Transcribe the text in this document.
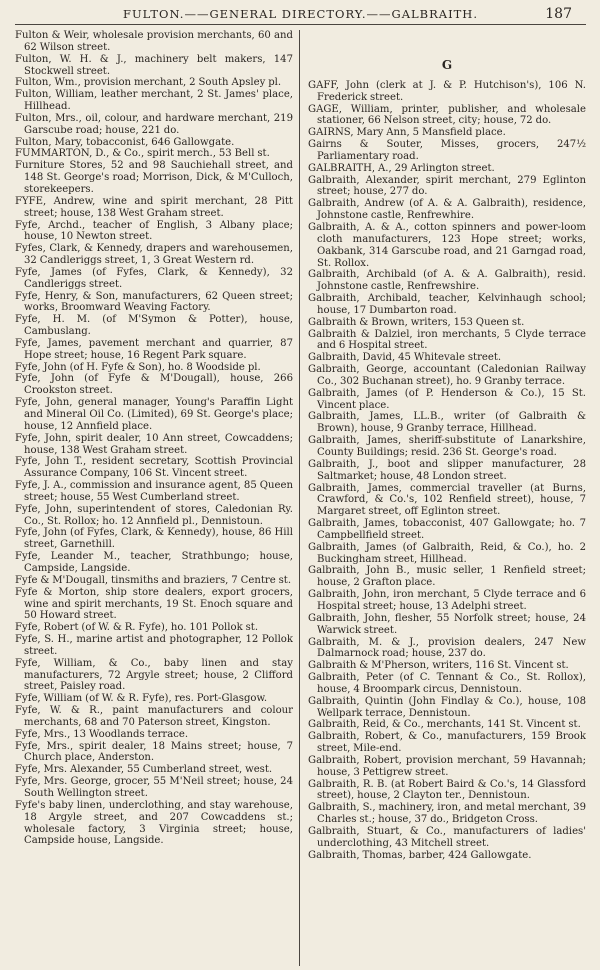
FULTON.——GENERAL DIRECTORY.——GALBRAITH.	187
Fulton & Weir, wholesale provision merchants, 60 and 62 Wilson street.
Fulton, W. H. & J., machinery belt makers, 147 Stockwell street.
Fulton, Wm., provision merchant, 2 South Apsley pl.
Fulton, William, leather merchant, 2 St. James' place, Hillhead.
Fulton, Mrs., oil, colour, and hardware merchant, 219 Garscube road; house, 221 do.
Fulton, Mary, tobacconist, 646 Gallowgate.
FUMMARTON, D., & Co., spirit merch., 53 Bell st.
Furniture Stores, 52 and 98 Sauchiehall street, and 148 St. George's road; Morrison, Dick, & M'Culloch, storekeepers.
FYFE, Andrew, wine and spirit merchant, 28 Pitt street; house, 138 West Graham street.
Fyfe, Archd., teacher of English, 3 Albany place; house, 10 Newton street.
Fyfes, Clark, & Kennedy, drapers and warehousemen, 32 Candleriggs street, 1, 3 Great Western rd.
Fyfe, James (of Fyfes, Clark, & Kennedy), 32 Candleriggs street.
Fyfe, Henry, & Son, manufacturers, 62 Queen street; works, Broomward Weaving Factory.
Fyfe, H. M. (of M'Symon & Potter), house, Cambuslang.
Fyfe, James, pavement merchant and quarrier, 87 Hope street; house, 16 Regent Park square.
Fyfe, John (of H. Fyfe & Son), ho. 8 Woodside pl.
Fyfe, John (of Fyfe & M'Dougall), house, 266 Crookston street.
Fyfe, John, general manager, Young's Paraffin Light and Mineral Oil Co. (Limited), 69 St. George's place; house, 12 Annfield place.
Fyfe, John, spirit dealer, 10 Ann street, Cowcaddens; house, 138 West Graham street.
Fyfe, John T., resident secretary, Scottish Provincial Assurance Company, 106 St. Vincent street.
Fyfe, J. A., commission and insurance agent, 85 Queen street; house, 55 West Cumberland street.
Fyfe, John, superintendent of stores, Caledonian Ry. Co., St. Rollox; ho. 12 Annfield pl., Dennistoun.
Fyfe, John (of Fyfes, Clark, & Kennedy), house, 86 Hill street, Garnethill.
Fyfe, Leander M., teacher, Strathbungo; house, Campside, Langside.
Fyfe & M'Dougall, tinsmiths and braziers, 7 Centre st.
Fyfe & Morton, ship store dealers, export grocers, wine and spirit merchants, 19 St. Enoch square and 50 Howard street.
Fyfe, Robert (of W. & R. Fyfe), ho. 101 Pollok st.
Fyfe, S. H., marine artist and photographer, 12 Pollok street.
Fyfe, William, & Co., baby linen and stay manufacturers, 72 Argyle street; house, 2 Clifford street, Paisley road.
Fyfe, William (of W. & R. Fyfe), res. Port-Glasgow.
Fyfe, W. & R., paint manufacturers and colour merchants, 68 and 70 Paterson street, Kingston.
Fyfe, Mrs., 13 Woodlands terrace.
Fyfe, Mrs., spirit dealer, 18 Mains street; house, 7 Church place, Anderston.
Fyfe, Mrs. Alexander, 55 Cumberland street, west.
Fyfe, Mrs. George, grocer, 55 M'Neil street; house, 24 South Wellington street.
Fyfe's baby linen, underclothing, and stay warehouse, 18 Argyle street, and 207 Cowcaddens st.; wholesale factory, 3 Virginia street; house, Campside house, Langside.
G
GAFF, John (clerk at J. & P. Hutchison's), 106 N. Frederick street.
GAGE, William, printer, publisher, and wholesale stationer, 66 Nelson street, city; house, 72 do.
GAIRNS, Mary Ann, 5 Mansfield place.
Gairns & Souter, Misses, grocers, 247½ Parliamentary road.
GALBRAITH, A., 29 Arlington street.
Galbraith, Alexander, spirit merchant, 279 Eglinton street; house, 277 do.
Galbraith, Andrew (of A. & A. Galbraith), residence, Johnstone castle, Renfrewhire.
Galbraith, A. & A., cotton spinners and power-loom cloth manufacturers, 123 Hope street; works, Oakbank, 314 Garscube road, and 21 Garngad road, St. Rollox.
Galbraith, Archibald (of A. & A. Galbraith), resid. Johnstone castle, Renfrewshire.
Galbraith, Archibald, teacher, Kelvinhaugh school; house, 17 Dumbarton road.
Galbraith & Brown, writers, 153 Queen st.
Galbraith & Dalziel, iron merchants, 5 Clyde terrace and 6 Hospital street.
Galbraith, David, 45 Whitevale street.
Galbraith, George, accountant (Caledonian Railway Co., 302 Buchanan street), ho. 9 Granby terrace.
Galbraith, James (of P. Henderson & Co.), 15 St. Vincent place.
Galbraith, James, LL.B., writer (of Galbraith & Brown), house, 9 Granby terrace, Hillhead.
Galbraith, James, sheriff-substitute of Lanarkshire, County Buildings; resid. 236 St. George's road.
Galbraith, J., boot and slipper manufacturer, 28 Saltmarket; house, 48 London street.
Galbraith, James, commercial traveller (at Burns, Crawford, & Co.'s, 102 Renfield street), house, 7 Margaret street, off Eglinton street.
Galbraith, James, tobacconist, 407 Gallowgate; ho. 7 Campbellfield street.
Galbraith, James (of Galbraith, Reid, & Co.), ho. 2 Buckingham street, Hillhead.
Galbraith, John B., music seller, 1 Renfield street; house, 2 Grafton place.
Galbraith, John, iron merchant, 5 Clyde terrace and 6 Hospital street; house, 13 Adelphi street.
Galbraith, John, flesher, 55 Norfolk street; house, 24 Warwick street.
Galbraith, M. & J., provision dealers, 247 New Dalmarnock road; house, 237 do.
Galbraith & M'Pherson, writers, 116 St. Vincent st.
Galbraith, Peter (of C. Tennant & Co., St. Rollox), house, 4 Broompark circus, Dennistoun.
Galbraith, Quintin (John Findlay & Co.), house, 108 Wellpark terrace, Dennistoun.
Galbraith, Reid, & Co., merchants, 141 St. Vincent st.
Galbraith, Robert, & Co., manufacturers, 159 Brook street, Mile-end.
Galbraith, Robert, provision merchant, 59 Havannah; house, 3 Pettigrew street.
Galbraith, R. B. (at Robert Baird & Co.'s, 14 Glassford street), house, 2 Clayton ter., Dennistoun.
Galbraith, S., machinery, iron, and metal merchant, 39 Charles st.; house, 37 do., Bridgeton Cross.
Galbraith, Stuart, & Co., manufacturers of ladies' underclothing, 43 Mitchell street.
Galbraith, Thomas, barber, 424 Gallowgate.
